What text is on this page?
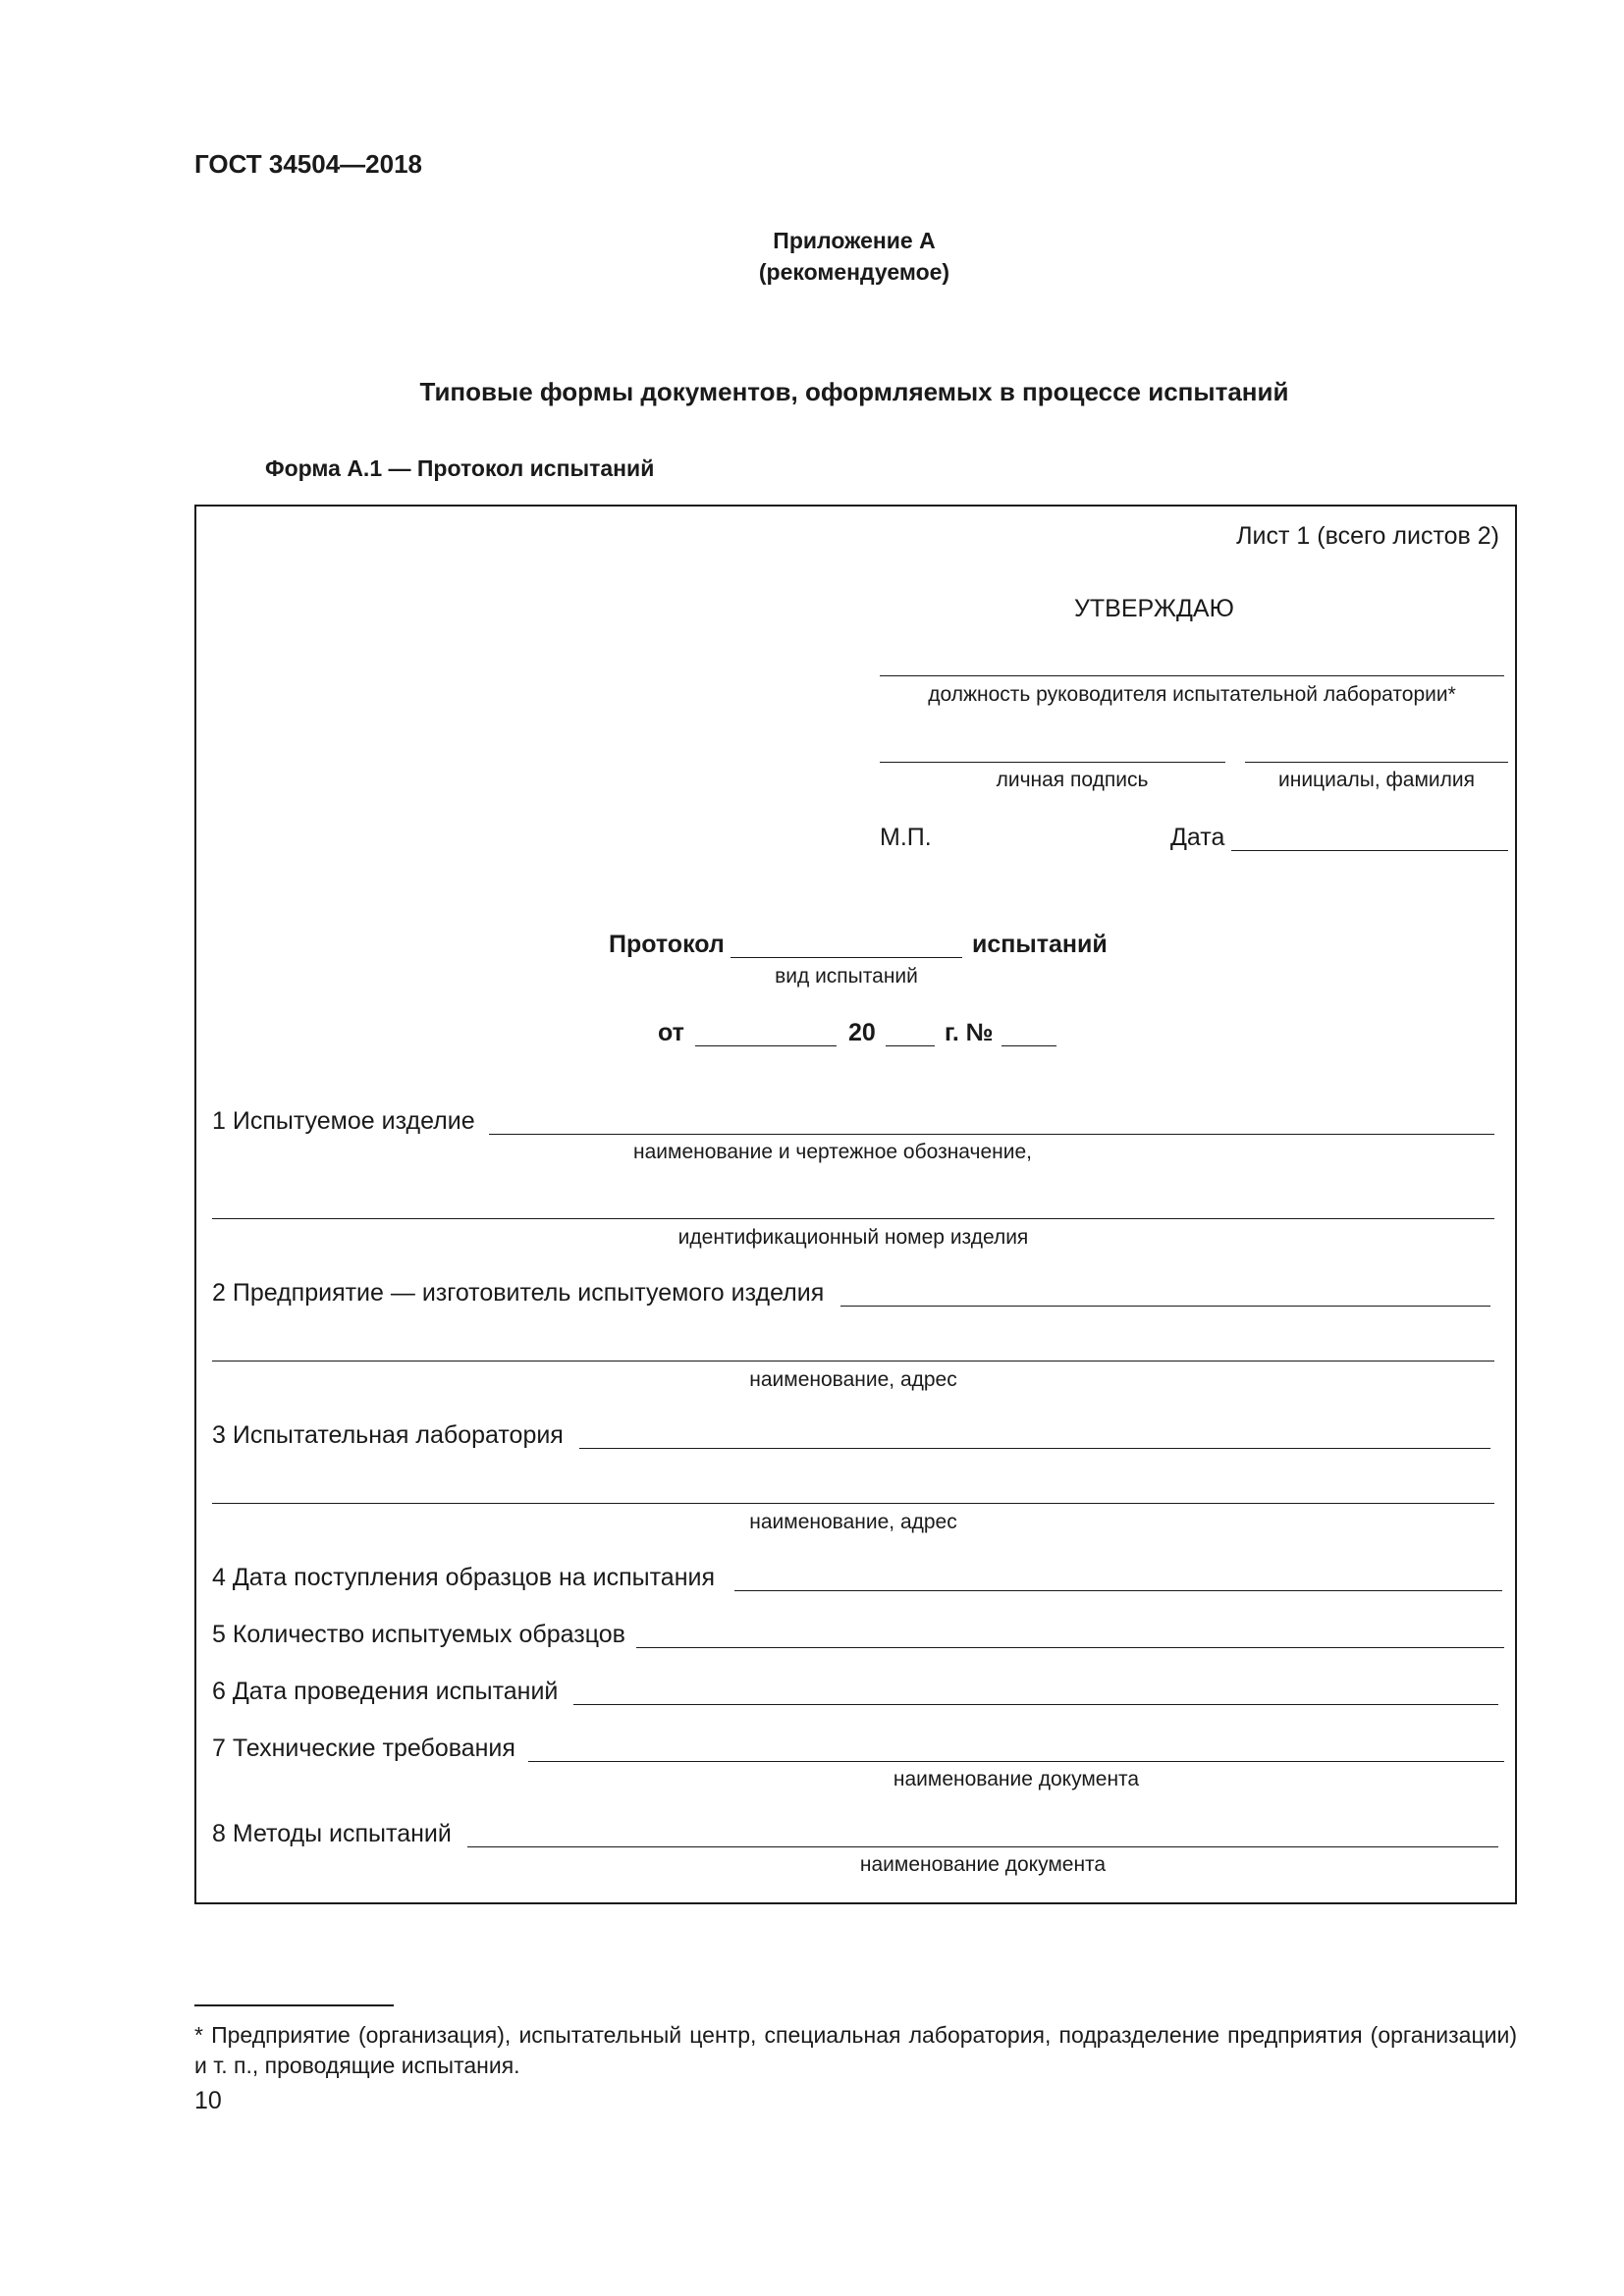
ГОСТ 34504—2018
Приложение А
(рекомендуемое)
Типовые формы документов, оформляемых в процессе испытаний
Форма А.1 — Протокол испытаний
Лист 1 (всего листов 2)
УТВЕРЖДАЮ
должность руководителя испытательной лаборатории*
личная подпись	инициалы, фамилия
М.П.	Дата
Протокол	испытаний
вид испытаний
от	20	г. №
1 Испытуемое изделие
наименование и чертежное обозначение,
идентификационный номер изделия
2 Предприятие — изготовитель испытуемого изделия
наименование, адрес
3 Испытательная лаборатория
наименование, адрес
4 Дата поступления образцов на испытания
5 Количество испытуемых образцов
6 Дата проведения испытаний
7 Технические требования
наименование документа
8 Методы испытаний
наименование документа
* Предприятие (организация), испытательный центр, специальная лаборатория, подразделение предприятия (организации) и т. п., проводящие испытания.
10
